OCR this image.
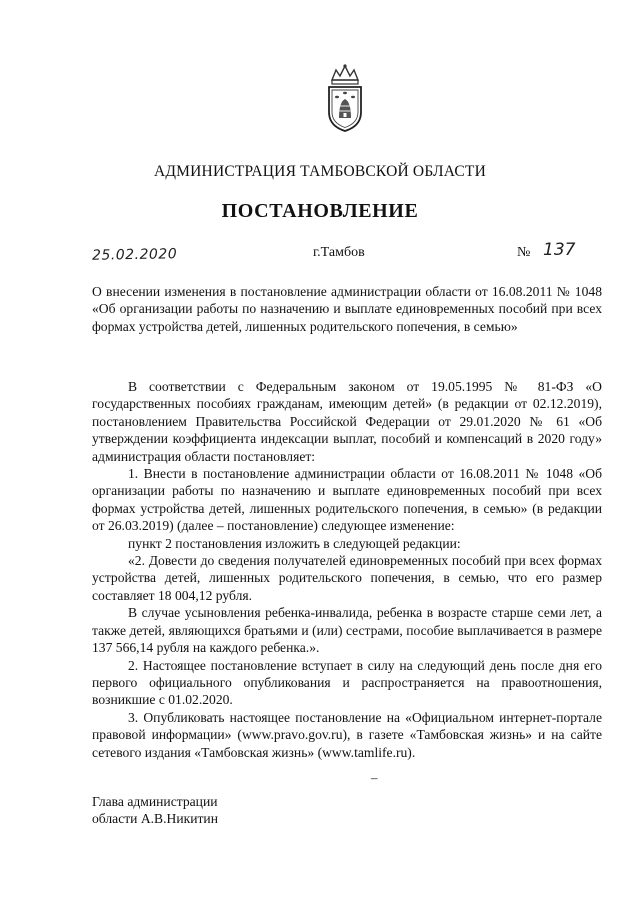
АДМИНИСТРАЦИЯ ТАМБОВСКОЙ ОБЛАСТИ
ПОСТАНОВЛЕНИЕ
25.02.2020	г.Тамбов	№ 137

О внесении изменения в постановление администрации области от 16.08.2011 № 1048 «Об организации работы по назначению и выплате единовременных пособий при всех формах устройства детей, лишенных родительского попечения, в семью»

В соответствии с Федеральным законом от 19.05.1995 № 81-ФЗ «О государственных пособиях гражданам, имеющим детей» (в редакции от 02.12.2019), постановлением Правительства Российской Федерации от 29.01.2020 № 61 «Об утверждении коэффициента индексации выплат, пособий и компенсаций в 2020 году» администрация области постановляет:

1. Внести в постановление администрации области от 16.08.2011 № 1048 «Об организации работы по назначению и выплате единовременных пособий при всех формах устройства детей, лишенных родительского попечения, в семью» (в редакции от 26.03.2019) (далее – постановление) следующее изменение:

пункт 2 постановления изложить в следующей редакции:

«2. Довести до сведения получателей единовременных пособий при всех формах устройства детей, лишенных родительского попечения, в семью, что его размер составляет 18 004,12 рубля.

В случае усыновления ребенка-инвалида, ребенка в возрасте старше семи лет, а также детей, являющихся братьями и (или) сестрами, пособие выплачивается в размере 137 566,14 рубля на каждого ребенка.».

2. Настоящее постановление вступает в силу на следующий день после дня его первого официального опубликования и распространяется на правоотношения, возникшие с 01.02.2020.

3. Опубликовать настоящее постановление на «Официальном интернет-портале правовой информации» (www.pravo.gov.ru), в газете «Тамбовская жизнь» и на сайте сетевого издания «Тамбовская жизнь» (www.tamlife.ru).

–
Глава администрации
области А.В.Никитин
